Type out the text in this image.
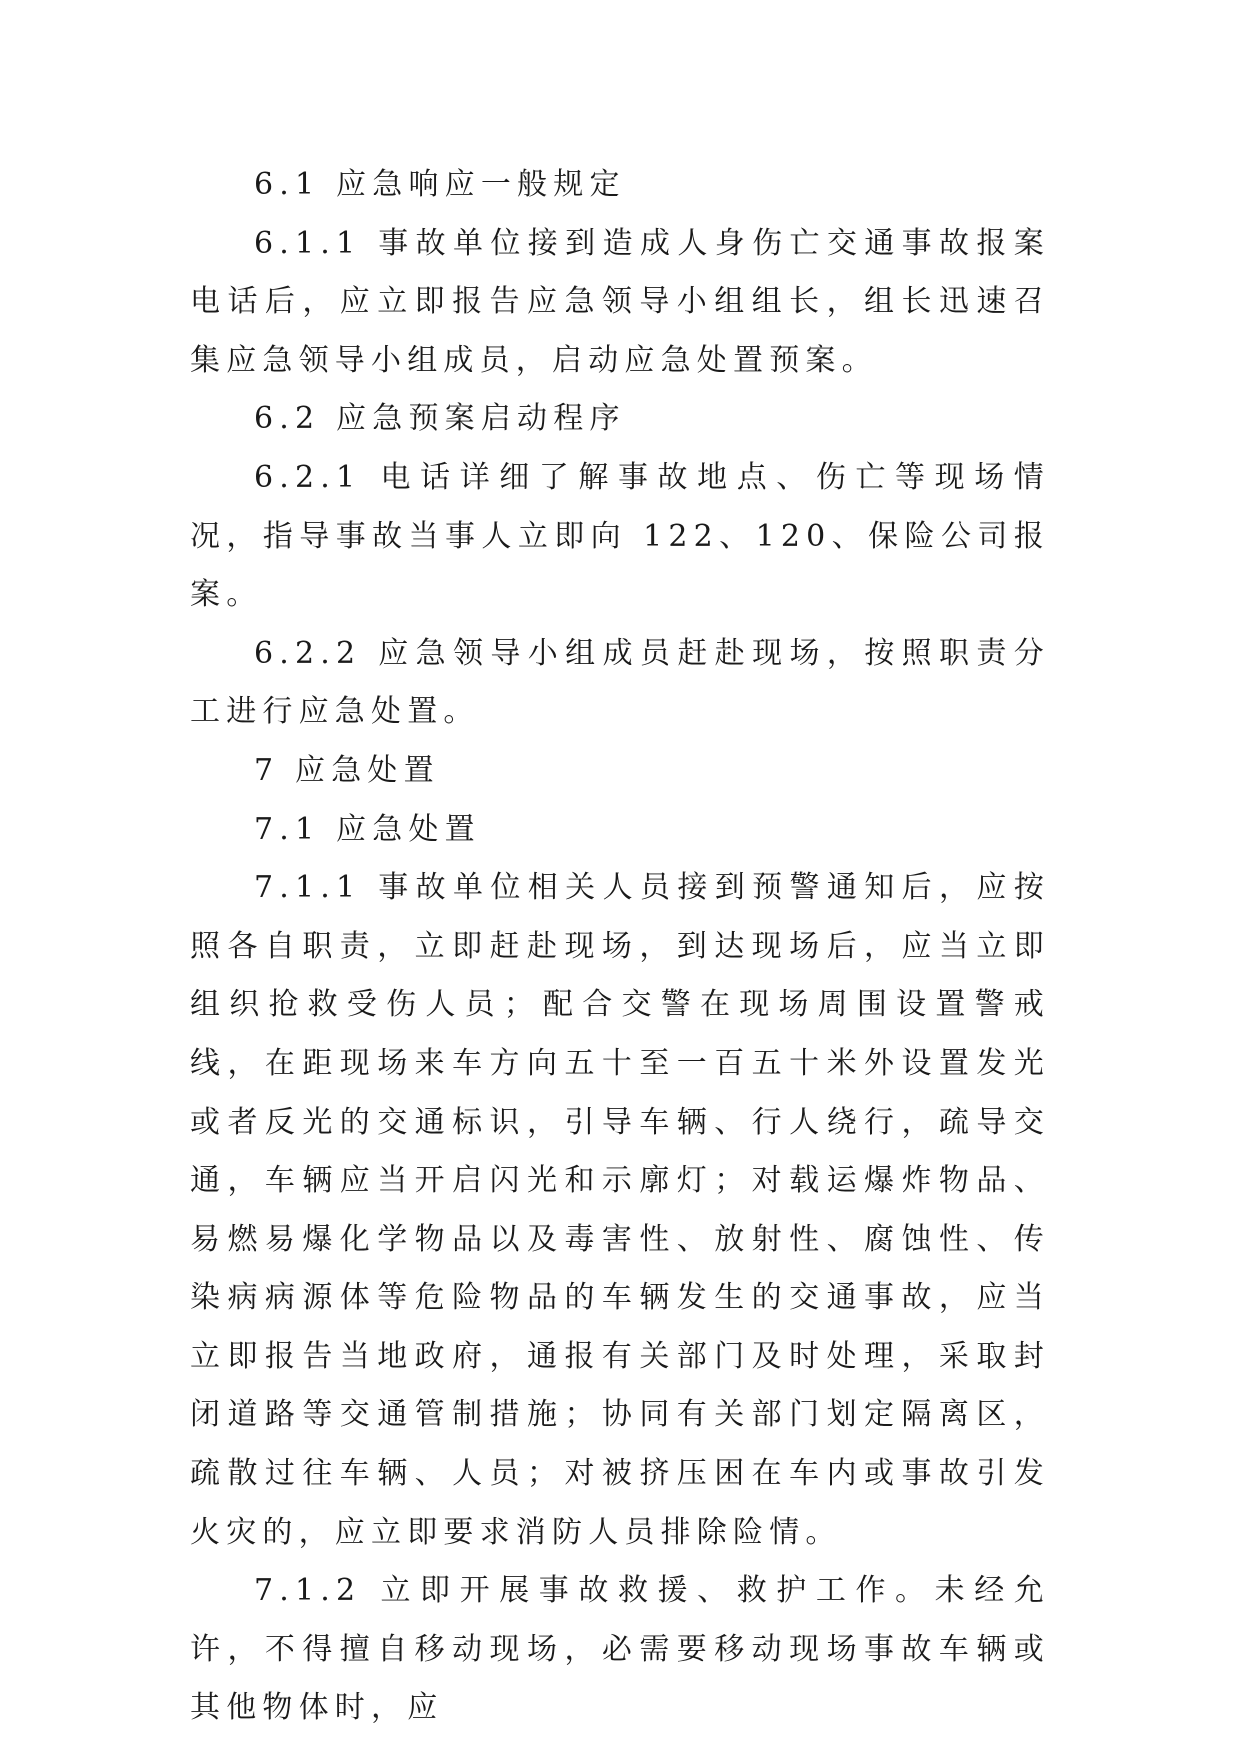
6.1 应急响应一般规定

6.1.1 事故单位接到造成人身伤亡交通事故报案电话后，应立即报告应急领导小组组长，组长迅速召集应急领导小组成员，启动应急处置预案。

6.2 应急预案启动程序

6.2.1 电话详细了解事故地点、伤亡等现场情况，指导事故当事人立即向 122、120、保险公司报案。

6.2.2 应急领导小组成员赶赴现场，按照职责分工进行应急处置。

7 应急处置

7.1 应急处置

7.1.1 事故单位相关人员接到预警通知后，应按照各自职责，立即赶赴现场，到达现场后，应当立即组织抢救受伤人员；配合交警在现场周围设置警戒线，在距现场来车方向五十至一百五十米外设置发光或者反光的交通标识，引导车辆、行人绕行，疏导交通，车辆应当开启闪光和示廓灯；对载运爆炸物品、易燃易爆化学物品以及毒害性、放射性、腐蚀性、传染病病源体等危险物品的车辆发生的交通事故，应当立即报告当地政府，通报有关部门及时处理，采取封闭道路等交通管制措施；协同有关部门划定隔离区，疏散过往车辆、人员；对被挤压困在车内或事故引发火灾的，应立即要求消防人员排除险情。

7.1.2 立即开展事故救援、救护工作。未经允许，不得擅自移动现场，必需要移动现场事故车辆或其他物体时，应
